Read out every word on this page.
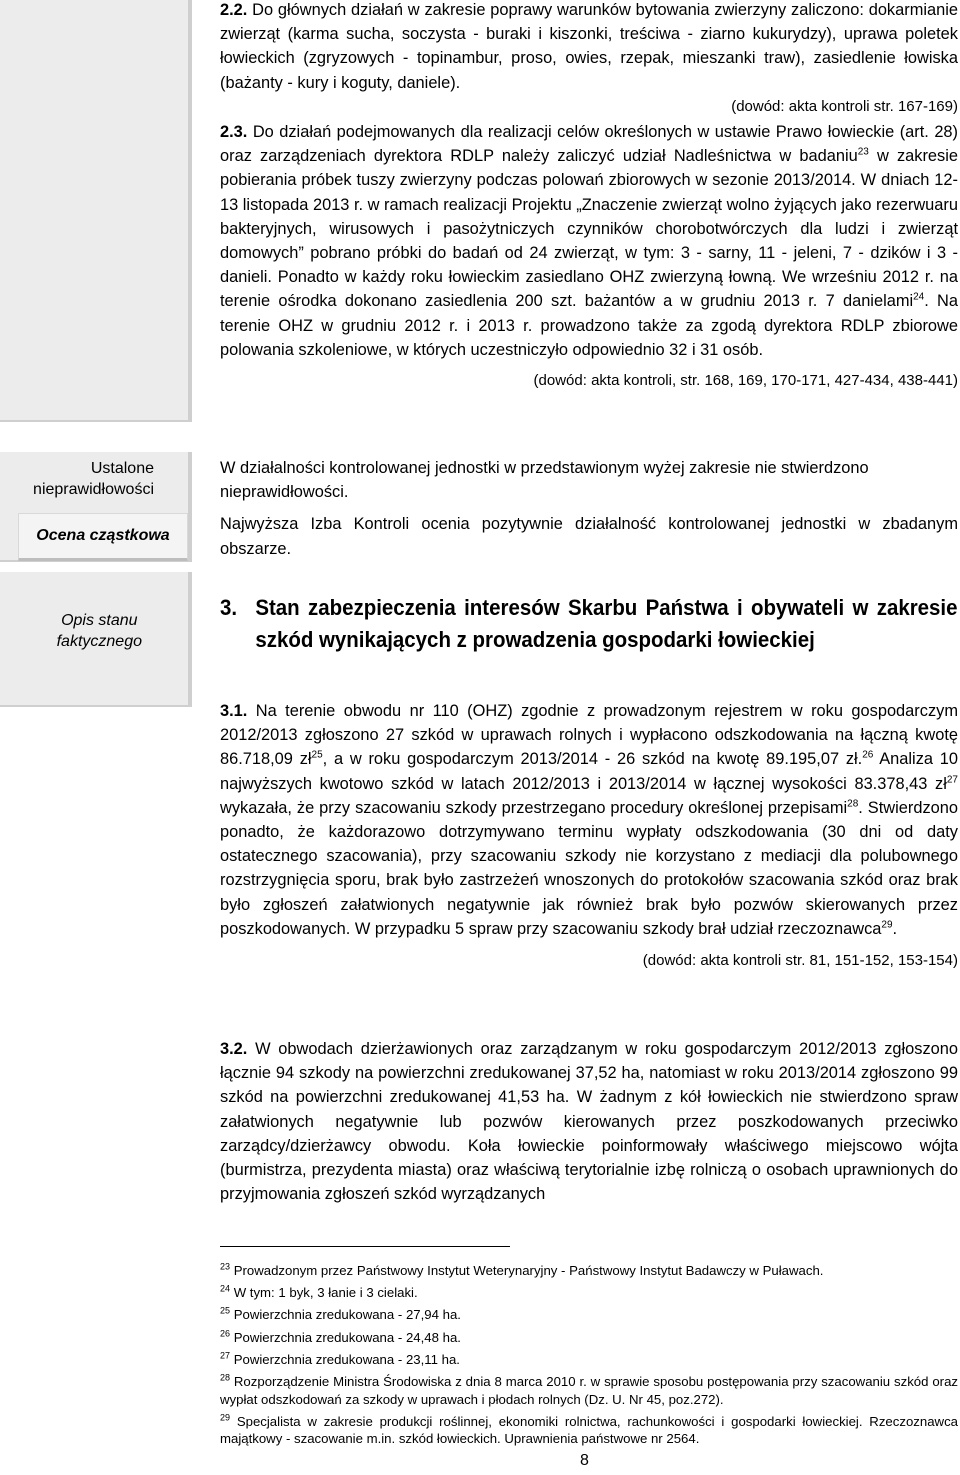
Ustalone
nieprawidłowości
Ocena cząstkowa
Opis stanu
faktycznego

2.2. Do głównych działań w zakresie poprawy warunków bytowania zwierzyny zaliczono: dokarmianie zwierząt (karma sucha, soczysta - buraki i kiszonki, treściwa - ziarno kukurydzy), uprawa poletek łowieckich (zgryzowych - topinambur, proso, owies, rzepak, mieszanki traw), zasiedlenie łowiska (bażanty - kury i koguty, daniele).

(dowód: akta kontroli str. 167-169)

2.3. Do działań podejmowanych dla realizacji celów określonych w ustawie Prawo łowieckie (art. 28) oraz zarządzeniach dyrektora RDLP należy zaliczyć udział Nadleśnictwa w badaniu$^{23}$ w zakresie pobierania próbek tuszy zwierzyny podczas polowań zbiorowych w sezonie 2013/2014. W dniach 12-13 listopada 2013 r. w ramach realizacji Projektu „Znaczenie zwierząt wolno żyjących jako rezerwuaru bakteryjnych, wirusowych i pasożytniczych czynników chorobotwórczych dla ludzi i zwierząt domowych” pobrano próbki do badań od 24 zwierząt, w tym: 3 - sarny, 11 - jeleni, 7 - dzików i 3 - danieli. Ponadto w każdy roku łowieckim zasiedlano OHZ zwierzyną łowną. We wrześniu 2012 r. na terenie ośrodka dokonano zasiedlenia 200 szt. bażantów a w grudniu 2013 r. 7 danielami$^{24}$. Na terenie OHZ w grudniu 2012 r. i 2013 r. prowadzono także za zgodą dyrektora RDLP zbiorowe polowania szkoleniowe, w których uczestniczyło odpowiednio 32 i 31 osób.

(dowód: akta kontroli, str. 168, 169, 170-171, 427-434, 438-441)

W działalności kontrolowanej jednostki w przedstawionym wyżej zakresie nie stwierdzono nieprawidłowości.

Najwyższa Izba Kontroli ocenia pozytywnie działalność kontrolowanej jednostki w zbadanym obszarze.

3. Stan zabezpieczenia interesów Skarbu Państwa i obywateli w zakresie szkód wynikających z prowadzenia gospodarki łowieckiej

3.1. Na terenie obwodu nr 110 (OHZ) zgodnie z prowadzonym rejestrem w roku gospodarczym 2012/2013 zgłoszono 27 szkód w uprawach rolnych i wypłacono odszkodowania na łączną kwotę 86.718,09 $zł^{25}$, a w roku gospodarczym 2013/2014 - 26 szkód na kwotę 89.195,07 zł.$^{26}$ Analiza 10 najwyższych kwotowo szkód w latach 2012/2013 i 2013/2014 w łącznej wysokości 83.378,43 $zł^{27}$ wykazała, że przy szacowaniu szkody przestrzegano procedury określonej przepisami$^{28}$. Stwierdzono ponadto, że każdorazowo dotrzymywano terminu wypłaty odszkodowania (30 dni od daty ostatecznego szacowania), przy szacowaniu szkody nie korzystano z mediacji dla polubownego rozstrzygnięcia sporu, brak było zastrzeżeń wnoszonych do protokołów szacowania szkód oraz brak było zgłoszeń załatwionych negatywnie jak również brak było pozwów skierowanych przez poszkodowanych. W przypadku 5 spraw przy szacowaniu szkody brał udział rzeczoznawca$^{29}$.

(dowód: akta kontroli str. 81, 151-152, 153-154)

3.2. W obwodach dzierżawionych oraz zarządzanym w roku gospodarczym 2012/2013 zgłoszono łącznie 94 szkody na powierzchni zredukowanej 37,52 ha, natomiast w roku 2013/2014 zgłoszono 99 szkód na powierzchni zredukowanej 41,53 ha. W żadnym z kół łowieckich nie stwierdzono spraw załatwionych negatywnie lub pozwów kierowanych przez poszkodowanych przeciwko zarządcy/dzierżawcy obwodu. Koła łowieckie poinformowały właściwego miejscowo wójta (burmistrza, prezydenta miasta) oraz właściwą terytorialnie izbę rolniczą o osobach uprawnionych do przyjmowania zgłoszeń szkód wyrządzanych

$^{23}$ Prowadzonym przez Państwowy Instytut Weterynaryjny - Państwowy Instytut Badawczy w Puławach.

$^{24}$ W tym: 1 byk, 3 łanie i 3 cielaki.

$^{25}$ Powierzchnia zredukowana - 27,94 ha.

$^{26}$ Powierzchnia zredukowana - 24,48 ha.

$^{27}$ Powierzchnia zredukowana - 23,11 ha.

$^{28}$ Rozporządzenie Ministra Środowiska z dnia 8 marca 2010 r. w sprawie sposobu postępowania przy szacowaniu szkód oraz wypłat odszkodowań za szkody w uprawach i płodach rolnych (Dz. U. Nr 45, poz.272).

$^{29}$ Specjalista w zakresie produkcji roślinnej, ekonomiki rolnictwa, rachunkowości i gospodarki łowieckiej. Rzeczoznawca majątkowy - szacowanie m.in. szkód łowieckich. Uprawnienia państwowe nr 2564.

8
